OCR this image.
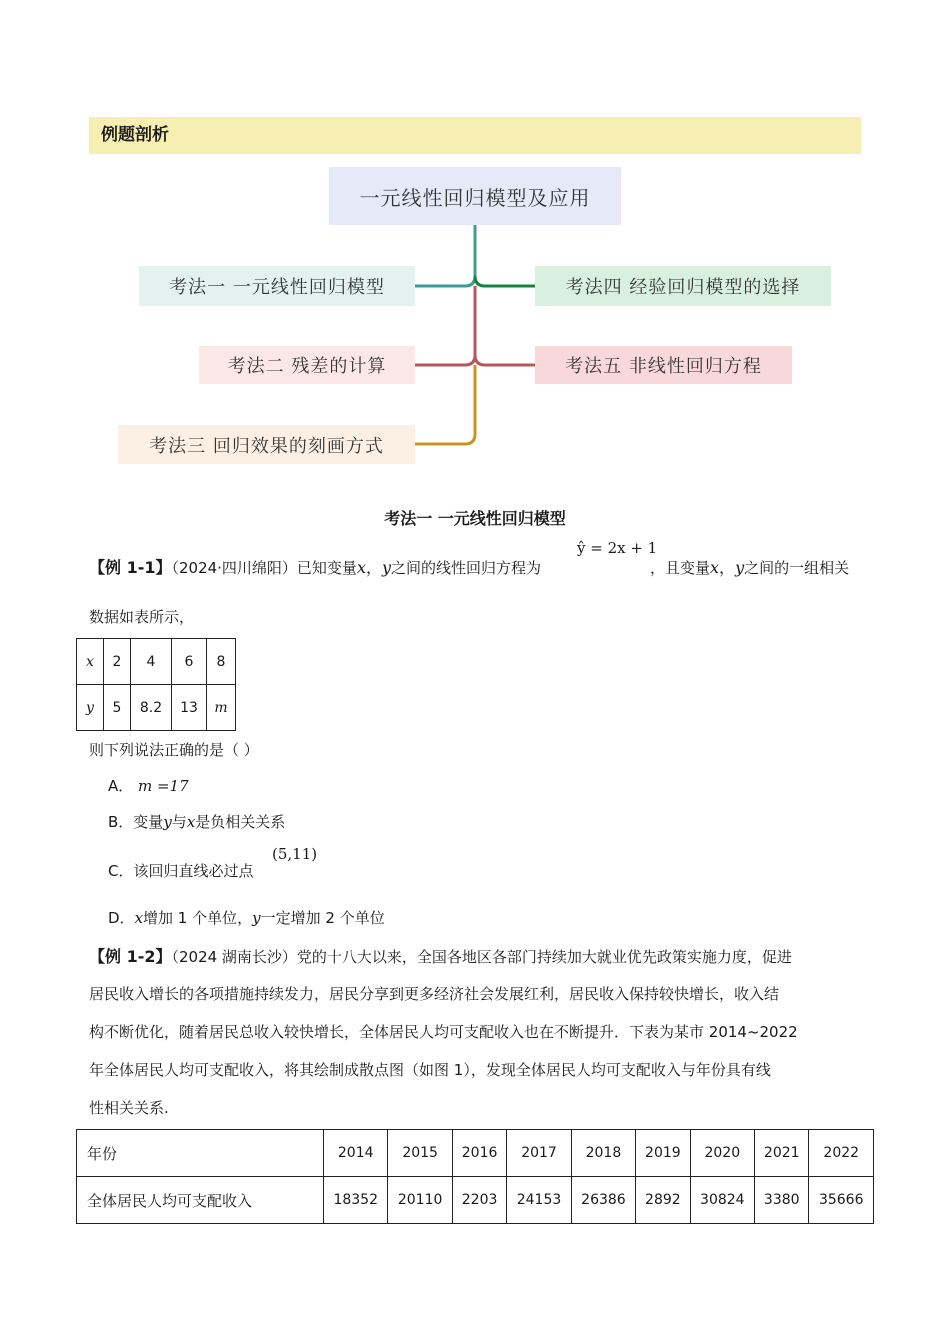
例题剖析
一元线性回归模型及应用
考法一 一元线性回归模型
考法二 残差的计算
考法三 回归效果的刻画方式
考法四 经验回归模型的选择
考法五 非线性回归方程
考法一 一元线性回归模型
【例 1-1】（2024·四川绵阳）已知变量x，y之间的线性回归方程为
ŷ = 2x + 1
，且变量x，y之间的一组相关
数据如表所示，
x	2	4	6	8
y	5	8.2	13	m
则下列说法正确的是（ ）
A． m =17
B．变量y与x是负相关关系
C．该回归直线必过点
(5,11)
D．x增加 1 个单位，y一定增加 2 个单位
【例 1-2】（2024 湖南长沙）党的十八大以来，全国各地区各部门持续加大就业优先政策实施力度，促进
居民收入增长的各项措施持续发力，居民分享到更多经济社会发展红利，居民收入保持较快增长，收入结
构不断优化，随着居民总收入较快增长，全体居民人均可支配收入也在不断提升．下表为某市 2014~2022
年全体居民人均可支配收入，将其绘制成散点图（如图 1），发现全体居民人均可支配收入与年份具有线
性相关关系.
年份	2014	2015	2016	2017	2018	2019	2020	2021	2022
全体居民人均可支配收入	18352	20110	2203	24153	26386	2892	30824	3380	35666
